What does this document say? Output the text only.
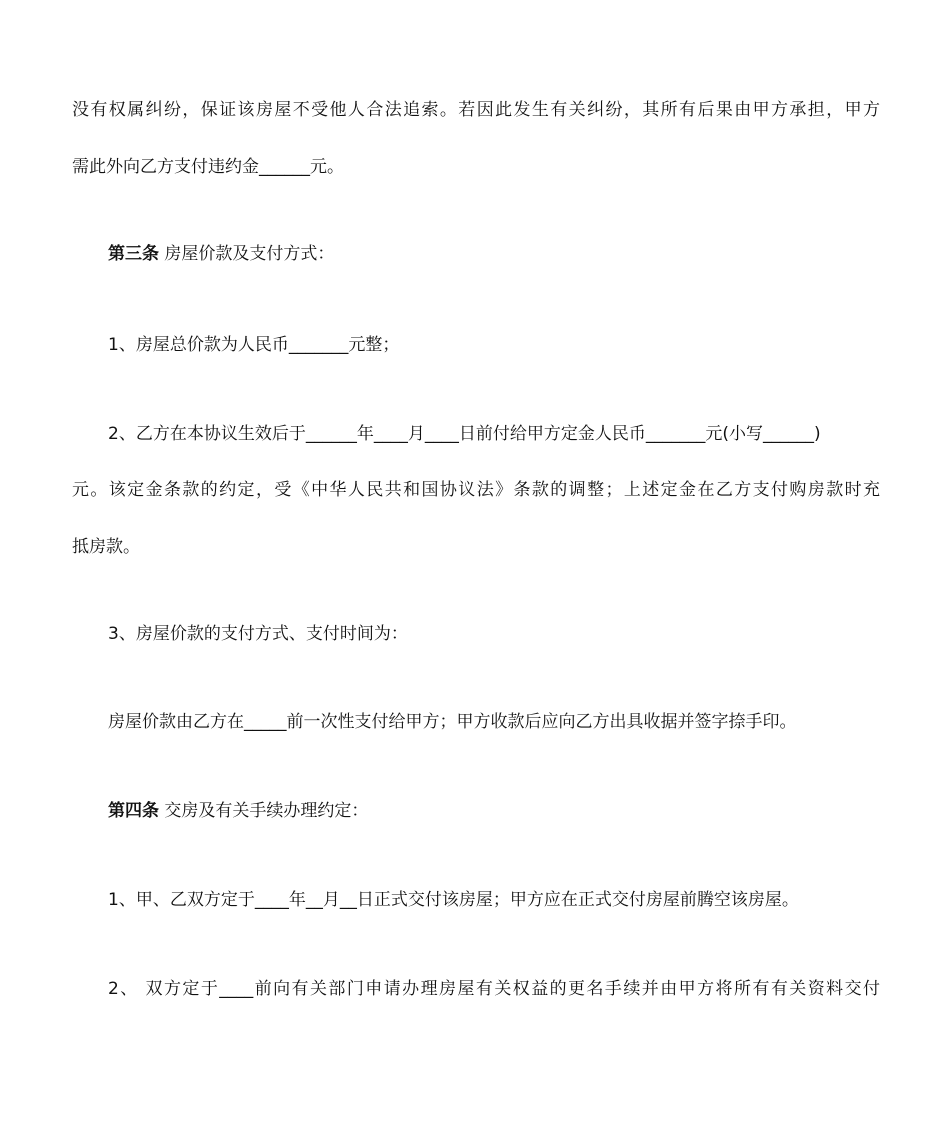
没有权属纠纷，保证该房屋不受他人合法追索。若因此发生有关纠纷，其所有后果由甲方承担，甲方
需此外向乙方支付违约金______元。
第三条 房屋价款及支付方式：
1、房屋总价款为人民币_______元整；
2、乙方在本协议生效后于______年____月____日前付给甲方定金人民币_______元(小写______)
元。该定金条款的约定，受《中华人民共和国协议法》条款的调整；上述定金在乙方支付购房款时充
抵房款。
3、房屋价款的支付方式、支付时间为：
房屋价款由乙方在_____前一次性支付给甲方；甲方收款后应向乙方出具收据并签字捺手印。
第四条 交房及有关手续办理约定：
1、甲、乙双方定于____年__月__日正式交付该房屋；甲方应在正式交付房屋前腾空该房屋。
2、 双方定于____前向有关部门申请办理房屋有关权益的更名手续并由甲方将所有有关资料交付
